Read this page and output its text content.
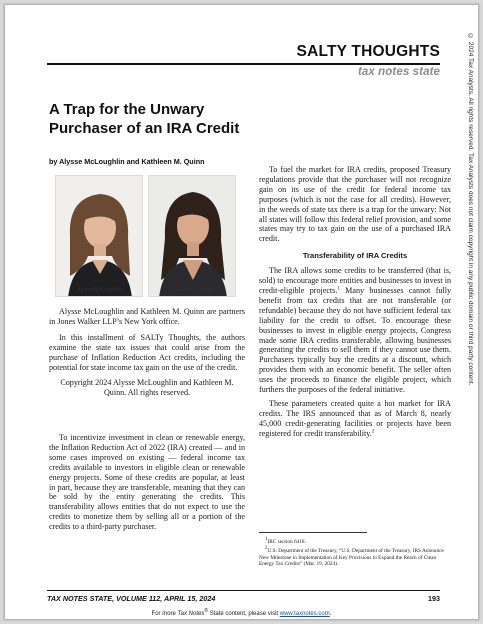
SALTY THOUGHTS
tax notes state	© 2024 Tax Analysts. All rights reserved. Tax Analysts does not claim copyright in any public domain or third party content.
A Trap for the Unwary Purchaser of an IRA Credit
by Alysse McLoughlin and Kathleen M. Quinn
Alysse McLoughlin	Kathleen M. Quinn

Alysse McLoughlin and Kathleen M. Quinn are partners in Jones Walker LLP’s New York office.

In this installment of SALTy Thoughts, the authors examine the state tax issues that could arise from the purchase of Inflation Reduction Act credits, including the potential for state income tax gain on the use of the credit.

Copyright 2024 Alysse McLoughlin and Kathleen M. Quinn. All rights reserved.

To incentivize investment in clean or renewable energy, the Inflation Reduction Act of 2022 (IRA) created — and in some cases improved on existing — federal income tax credits available to investors in eligible clean or renewable energy projects. Some of these credits are popular, at least in part, because they are transferable, meaning that they can be sold by the entity generating the credits. This transferability allows entities that do not expect to use the credits to monetize them by selling all or a portion of the credits to a third-party purchaser.

To fuel the market for IRA credits, proposed Treasury regulations provide that the purchaser will not recognize gain on its use of the credit for federal income tax purposes (which is not the case for all credits). However, in the weeds of state tax there is a trap for the unwary: Not all states will follow this federal relief provision, and some states may try to tax gain on the use of a purchased IRA credit.

Transferability of IRA Credits

The IRA allows some credits to be transferred (that is, sold) to encourage more entities and businesses to invest in credit-eligible projects.$^1$ Many businesses cannot fully benefit from tax credits that are not transferable (or refundable) because they do not have sufficient federal tax liability for the credit to offset. To encourage these businesses to invest in eligible energy projects, Congress made some IRA credits transferable, allowing businesses generating the credits to sell them if they cannot use them. Purchasers typically buy the credits at a discount, which provides them with an economic benefit. The seller often uses the proceeds to finance the eligible project, which furthers the purposes of the federal initiative.

These parameters created quite a hot market for IRA credits. The IRS announced that as of March 8, nearly 45,000 credit-generating facilities or projects have been registered for credit transferability.$^2$

$^1$IRC section 6418.

$^2$U.S. Department of the Treasury, “U.S. Department of the Treasury, IRS Announce New Milestone in Implementation of Key Provisions to Expand the Reach of Clean Energy Tax Credits” (Mar. 19, 2024).

TAX NOTES STATE, VOLUME 112, APRIL 15, 2024	193
For more Tax Notes® State content, please visit www.taxnotes.com.
